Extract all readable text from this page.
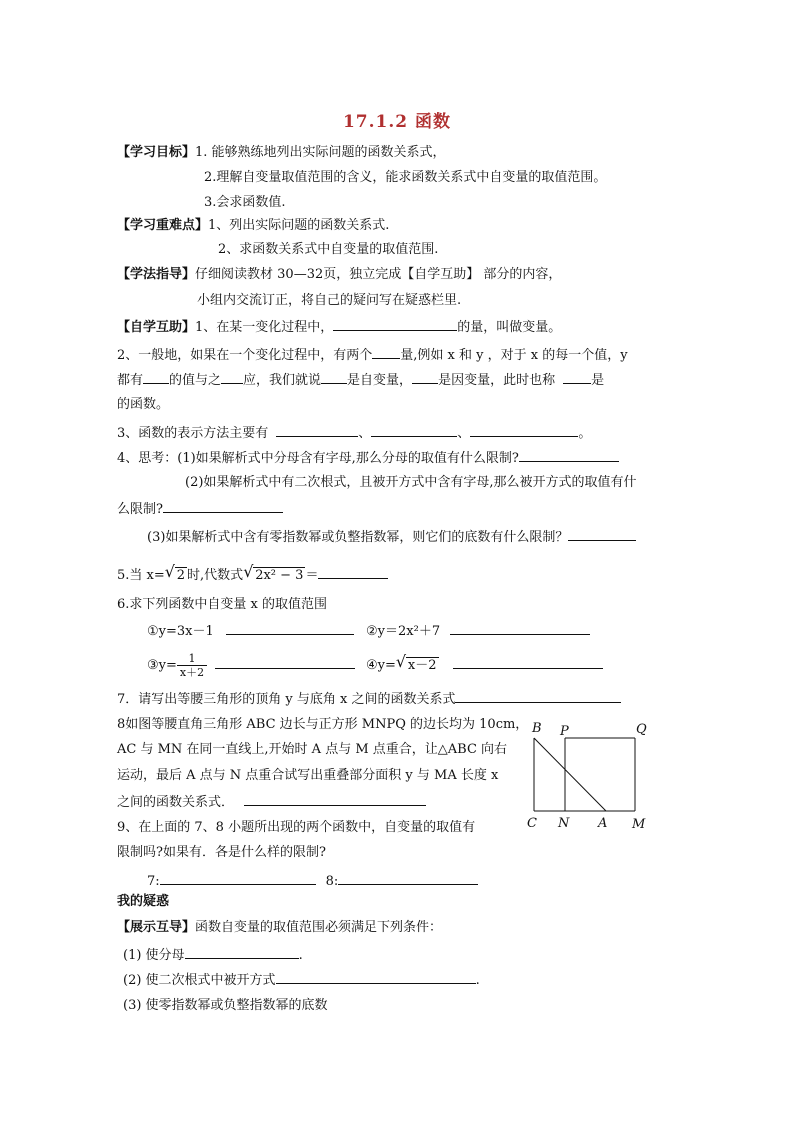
17.1.2 函数
【学习目标】1. 能够熟练地列出实际问题的函数关系式，
2.理解自变量取值范围的含义，能求函数关系式中自变量的取值范围。
3.会求函数值.
【学习重难点】1、列出实际问题的函数关系式.
2、求函数关系式中自变量的取值范围.
【学法指导】仔细阅读教材 30—32页，独立完成【自学互助】 部分的内容，
小组内交流订正，将自己的疑问写在疑惑栏里.
【自学互助】1、在某一变化过程中，	的量，叫做变量。
2、一般地，如果在一个变化过程中，有两个 量,例如 x 和 y ，对于 x 的每一个值，y
都有 的值与之 应，我们就说 是自变量， 是因变量，此时也称	是
的函数。
3、函数的表示方法主要有	、	、	。
4、思考：(1)如果解析式中分母含有字母,那么分母的取值有什么限制?
(2)如果解析式中有二次根式，且被开方式中含有字母,那么被开方式的取值有什
么限制?
(3)如果解析式中含有零指数幂或负整指数幂，则它们的底数有什么限制？
5.当 x= √ 2 时,代数式 √ 2x² − 3 ＝
6.求下列函数中自变量 x 的取值范围
①y=3x－1	②y＝2x²＋7
③y= $\frac{1}{x+2}$	④y= √ x－2
7．请写出等腰三角形的顶角 y 与底角 x 之间的函数关系式
8如图等腰直角三角形 ABC 边长与正方形 MNPQ 的边长均为 10cm，
AC 与 MN 在同一直线上,开始时 A 点与 M 点重合，让△ABC 向右
运动，最后 A 点与 N 点重合试写出重叠部分面积 y 与 MA 长度 x
之间的函数关系式．
B P	Q
C N A M
9、在上面的 7、8 小题所出现的两个函数中，自变量的取值有
限制吗?如果有．各是什么样的限制?
7:	8:
我的疑惑
【展示互导】函数自变量的取值范围必须满足下列条件：
(1) 使分母	.
(2) 使二次根式中被开方式	.
(3) 使零指数幂或负整指数幂的底数
